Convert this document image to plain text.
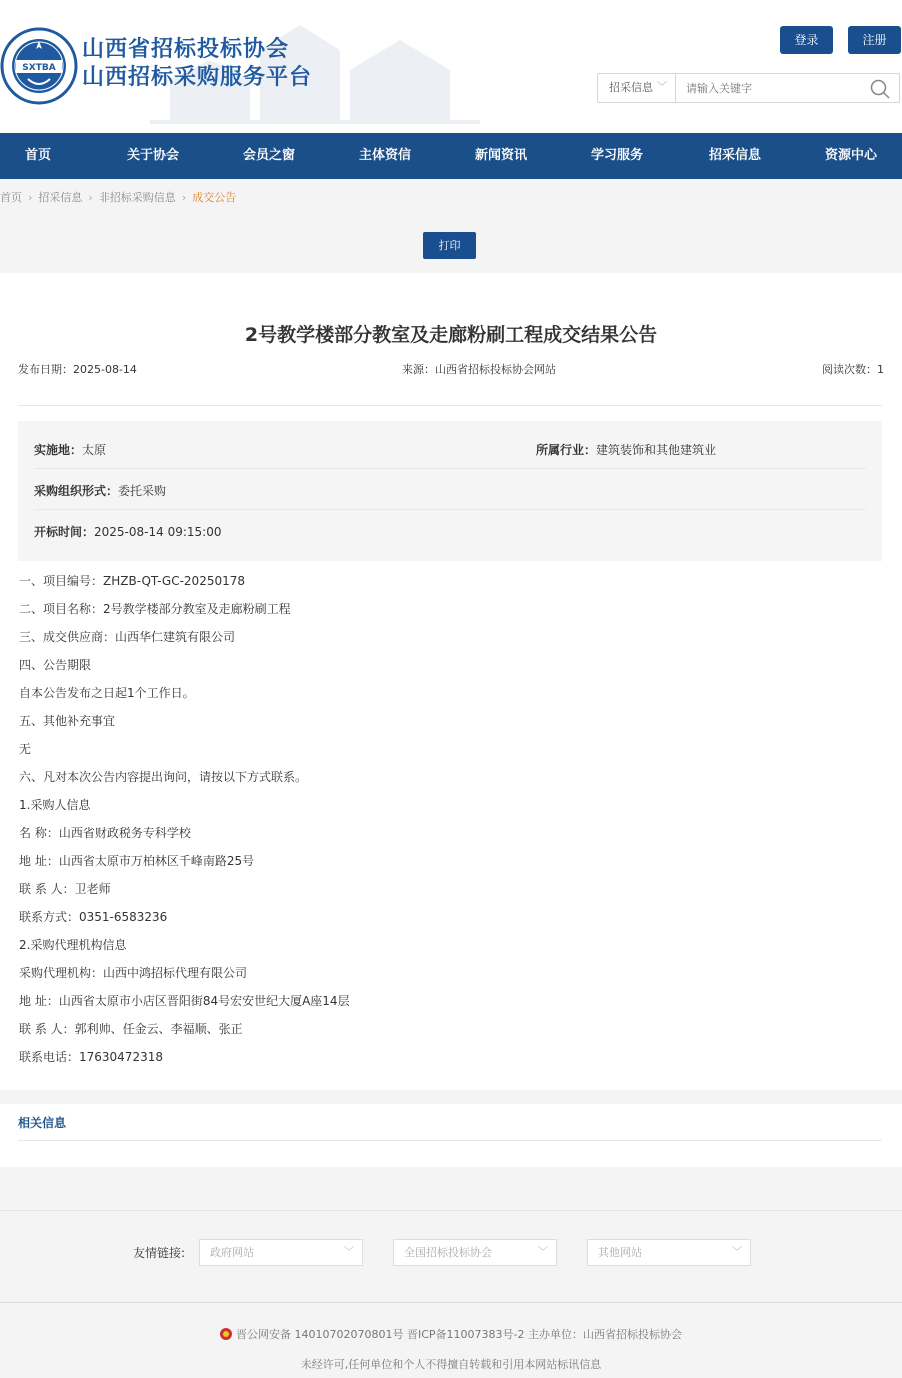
SXTBA
山西省招标投标协会
山西招标采购服务平台
登录	注册
招采信息 ﹀
请输入关键字
首页	关于协会	会员之窗	主体资信	新闻资讯	学习服务	招采信息	资源中心
首页 › 招采信息 › 非招标采购信息 › 成交公告
打印
2号教学楼部分教室及走廊粉刷工程成交结果公告
发布日期：2025-08-14	来源：山西省招标投标协会网站	阅读次数：1
实施地：太原	所属行业：建筑装饰和其他建筑业
采购组织形式：委托采购
开标时间：2025-08-14 09:15:00

一、项目编号：ZHZB-QT-GC-20250178

二、项目名称：2号教学楼部分教室及走廊粉刷工程

三、成交供应商：山西华仁建筑有限公司

四、公告期限

自本公告发布之日起1个工作日。

五、其他补充事宜

无

六、凡对本次公告内容提出询问，请按以下方式联系。

1.采购人信息

名 称：山西省财政税务专科学校

地 址：山西省太原市万柏林区千峰南路25号

联 系 人：卫老师

联系方式：0351-6583236

2.采购代理机构信息

采购代理机构：山西中鸿招标代理有限公司

地 址：山西省太原市小店区晋阳街84号宏安世纪大厦A座14层

联 系 人：郭利帅、任金云、李福顺、张正

联系电话：17630472318

相关信息
友情链接:	政府网站	﹀	全国招标投标协会	﹀	其他网站	﹀
晋公网安备 14010702070801号 晋ICP备11007383号-2 主办单位：山西省招标投标协会
未经许可,任何单位和个人不得擅自转载和引用本网站标讯信息
